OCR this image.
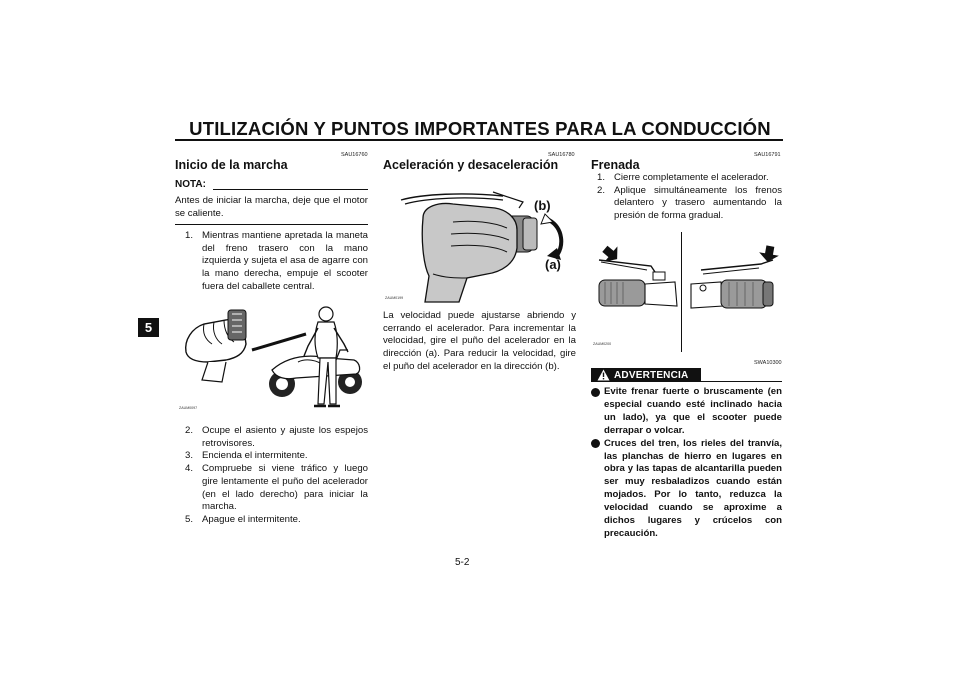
UTILIZACIÓN Y PUNTOS IMPORTANTES PARA LA CONDUCCIÓN
5
SAU16760
Inicio de la marcha
NOTA:
Antes de iniciar la marcha, deje que el motor se caliente.
1. Mientras mantiene apretada la maneta del freno trasero con la mano izquierda y sujeta el asa de agarre con la mano derecha, empuje el scooter fuera del caballete central.
ZAUM0097
2. Ocupe el asiento y ajuste los espejos retrovisores.
3. Encienda el intermitente.
4. Compruebe si viene tráfico y luego gire lentamente el puño del acelerador (en el lado derecho) para iniciar la marcha.
5. Apague el intermitente.
SAU16780
Aceleración y desaceleración
(b)
(a)
ZAUM0199
La velocidad puede ajustarse abriendo y cerrando el acelerador. Para incrementar la velocidad, gire el puño del acelerador en la dirección (a). Para reducir la velocidad, gire el puño del acelerador en la dirección (b).
SAU16791
Frenada
1. Cierre completamente el acelerador.
2. Aplique simultáneamente los frenos delantero y trasero aumentando la presión de forma gradual.
ZAUM0200
SWA10300
ADVERTENCIA
Evite frenar fuerte o bruscamente (en especial cuando esté inclinado hacia un lado), ya que el scooter puede derrapar o volcar.
Cruces del tren, los rieles del tranvía, las planchas de hierro en lugares en obra y las tapas de alcantarilla pueden ser muy resbaladizos cuando están mojados. Por lo tanto, reduzca la velocidad cuando se aproxime a dichos lugares y crúcelos con precaución.
5-2
